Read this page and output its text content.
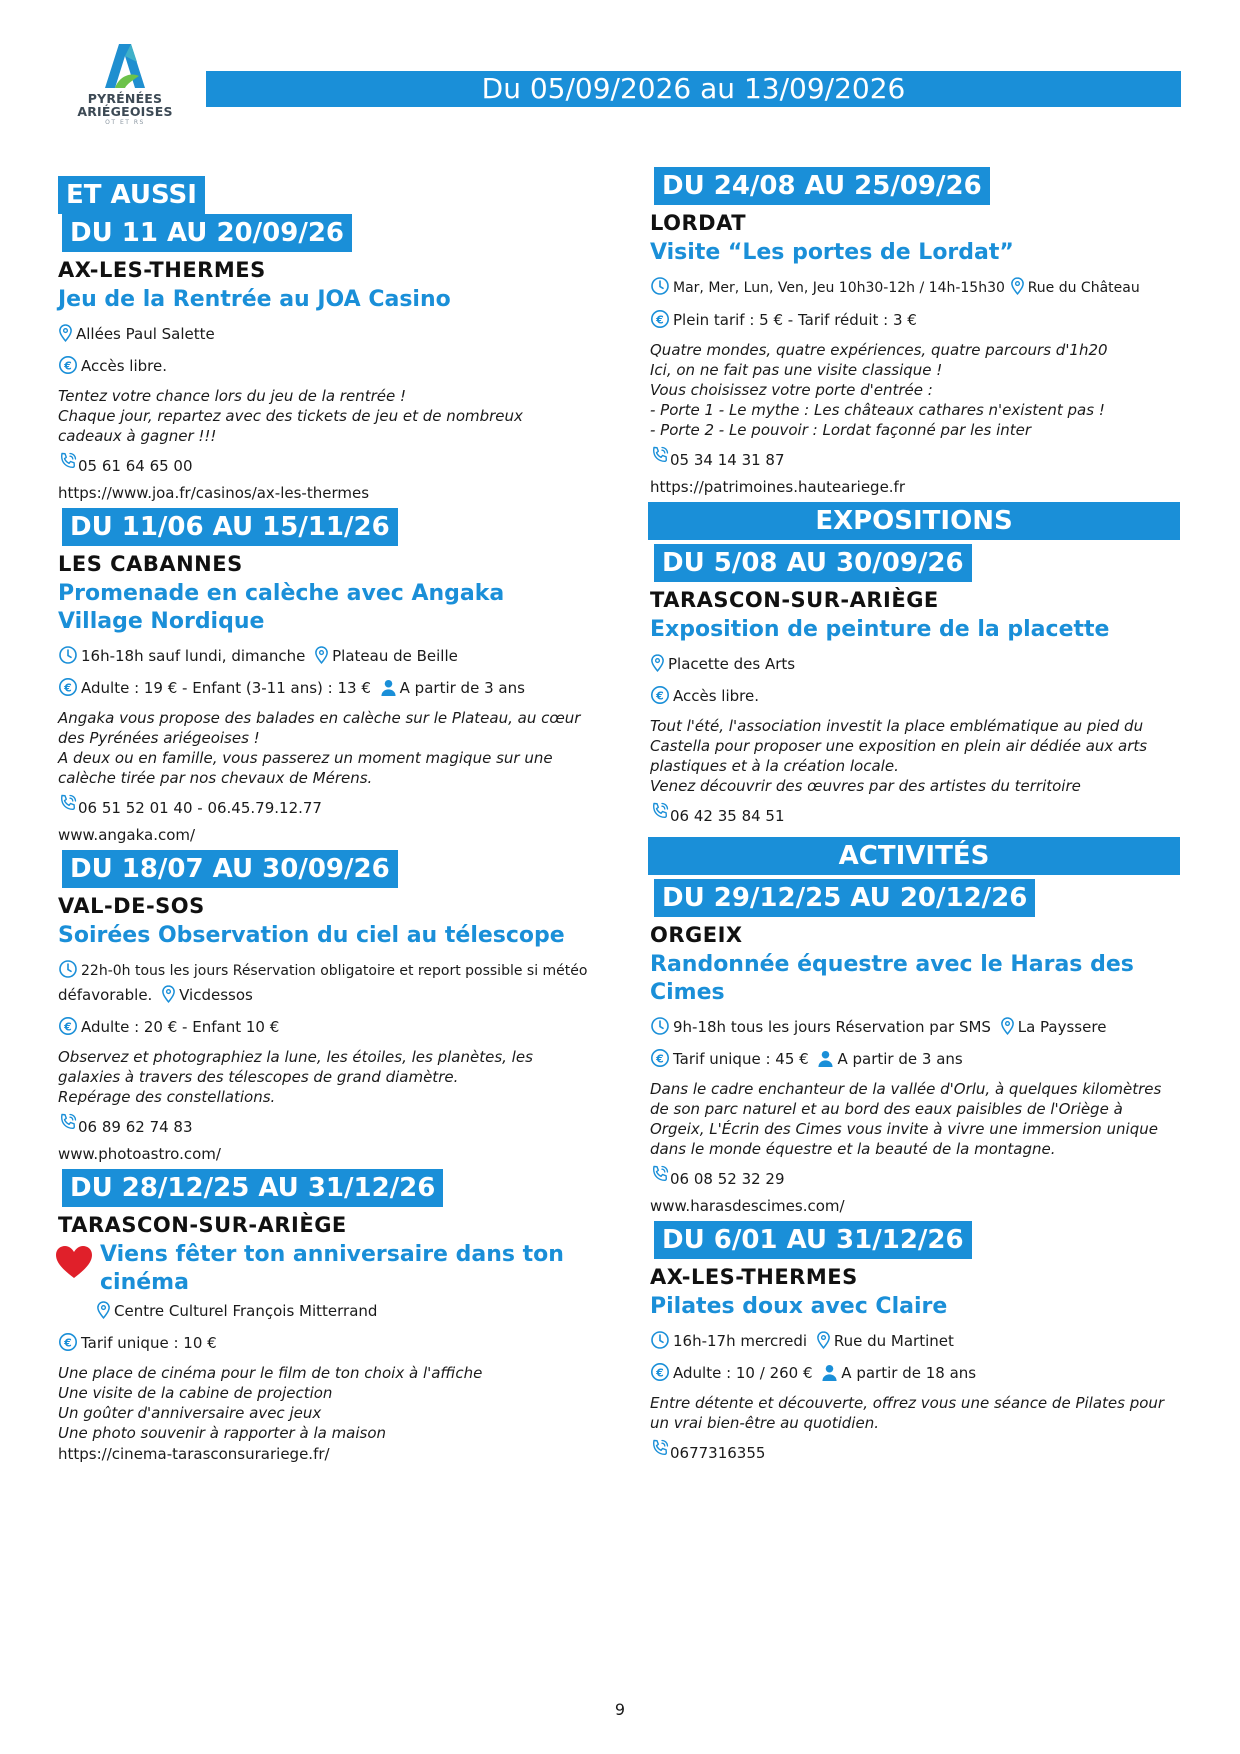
PYRÉNÉES
ARIÉGEOISES
OT ET RS
Du 05/09/2026 au 13/09/2026
ET AUSSI
DU 11 AU 20/09/26
AX-LES-THERMES
Jeu de la Rentrée au JOA Casino
Allées Paul Salette
Accès libre.
Tentez votre chance lors du jeu de la rentrée !
Chaque jour, repartez avec des tickets de jeu et de nombreux cadeaux à gagner !!!
05 61 64 65 00
https://www.joa.fr/casinos/ax-les-thermes
DU 11/06 AU 15/11/26
LES CABANNES
Promenade en calèche avec Angaka Village Nordique
16h-18h sauf lundi, dimanche Plateau de Beille
Adulte : 19 € - Enfant (3-11 ans) : 13 € A partir de 3 ans
Angaka vous propose des balades en calèche sur le Plateau, au cœur des Pyrénées ariégeoises !
A deux ou en famille, vous passerez un moment magique sur une calèche tirée par nos chevaux de Mérens.
06 51 52 01 40 - 06.45.79.12.77
www.angaka.com/
DU 18/07 AU 30/09/26
VAL-DE-SOS
Soirées Observation du ciel au télescope
22h-0h tous les jours Réservation obligatoire et report possible si météo
défavorable. Vicdessos
Adulte : 20 € - Enfant 10 €
Observez et photographiez la lune, les étoiles, les planètes, les galaxies à travers des télescopes de grand diamètre.
Repérage des constellations.
06 89 62 74 83
www.photoastro.com/
DU 28/12/25 AU 31/12/26
TARASCON-SUR-ARIÈGE
Viens fêter ton anniversaire dans ton cinéma
Centre Culturel François Mitterrand
Tarif unique : 10 €
Une place de cinéma pour le film de ton choix à l'affiche
Une visite de la cabine de projection
Un goûter d'anniversaire avec jeux
Une photo souvenir à rapporter à la maison
https://cinema-tarasconsurariege.fr/
DU 24/08 AU 25/09/26
LORDAT
Visite “Les portes de Lordat”
Mar, Mer, Lun, Ven, Jeu 10h30-12h / 14h-15h30 Rue du Château
Plein tarif : 5 € - Tarif réduit : 3 €
Quatre mondes, quatre expériences, quatre parcours d'1h20
Ici, on ne fait pas une visite classique !
Vous choisissez votre porte d'entrée :
- Porte 1 - Le mythe : Les châteaux cathares n'existent pas !
- Porte 2 - Le pouvoir : Lordat façonné par les inter
05 34 14 31 87
https://patrimoines.hauteariege.fr
EXPOSITIONS
DU 5/08 AU 30/09/26
TARASCON-SUR-ARIÈGE
Exposition de peinture de la placette
Placette des Arts
Accès libre.
Tout l'été, l'association investit la place emblématique au pied du Castella pour proposer une exposition en plein air dédiée aux arts plastiques et à la création locale.
Venez découvrir des œuvres par des artistes du territoire
06 42 35 84 51
ACTIVITÉS
DU 29/12/25 AU 20/12/26
ORGEIX
Randonnée équestre avec le Haras des Cimes
9h-18h tous les jours Réservation par SMS La Payssere
Tarif unique : 45 € A partir de 3 ans
Dans le cadre enchanteur de la vallée d'Orlu, à quelques kilomètres de son parc naturel et au bord des eaux paisibles de l'Oriège à Orgeix, L'Écrin des Cimes vous invite à vivre une immersion unique dans le monde équestre et la beauté de la montagne.
06 08 52 32 29
www.harasdescimes.com/
DU 6/01 AU 31/12/26
AX-LES-THERMES
Pilates doux avec Claire
16h-17h mercredi Rue du Martinet
Adulte : 10 / 260 € A partir de 18 ans
Entre détente et découverte, offrez vous une séance de Pilates pour un vrai bien-être au quotidien.
0677316355
9
